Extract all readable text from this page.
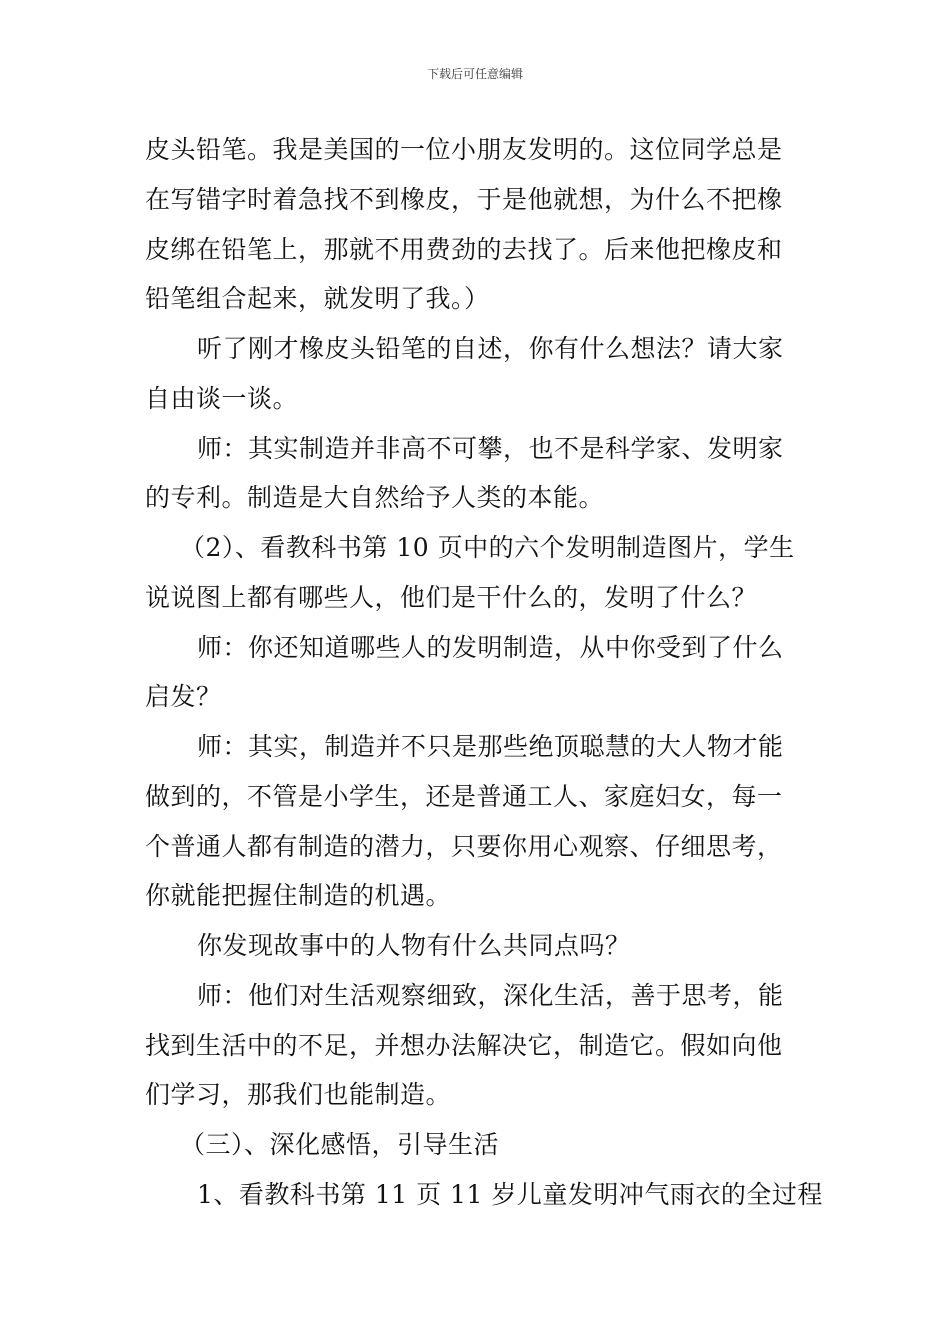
下载后可任意编辑
皮头铅笔。我是美国的一位小朋友发明的。这位同学总是
在写错字时着急找不到橡皮，于是他就想，为什么不把橡
皮绑在铅笔上，那就不用费劲的去找了。后来他把橡皮和
铅笔组合起来，就发明了我。）
听了刚才橡皮头铅笔的自述，你有什么想法？请大家
自由谈一谈。
师：其实制造并非高不可攀，也不是科学家、发明家
的专利。制造是大自然给予人类的本能。
（2）、看教科书第 10 页中的六个发明制造图片，学生
说说图上都有哪些人，他们是干什么的，发明了什么？
师：你还知道哪些人的发明制造，从中你受到了什么
启发？
师：其实，制造并不只是那些绝顶聪慧的大人物才能
做到的，不管是小学生，还是普通工人、家庭妇女，每一
个普通人都有制造的潜力，只要你用心观察、仔细思考，
你就能把握住制造的机遇。
你发现故事中的人物有什么共同点吗？
师：他们对生活观察细致，深化生活，善于思考，能
找到生活中的不足，并想办法解决它，制造它。假如向他
们学习，那我们也能制造。
（三）、深化感悟，引导生活
1、看教科书第 11 页 11 岁儿童发明冲气雨衣的全过程
